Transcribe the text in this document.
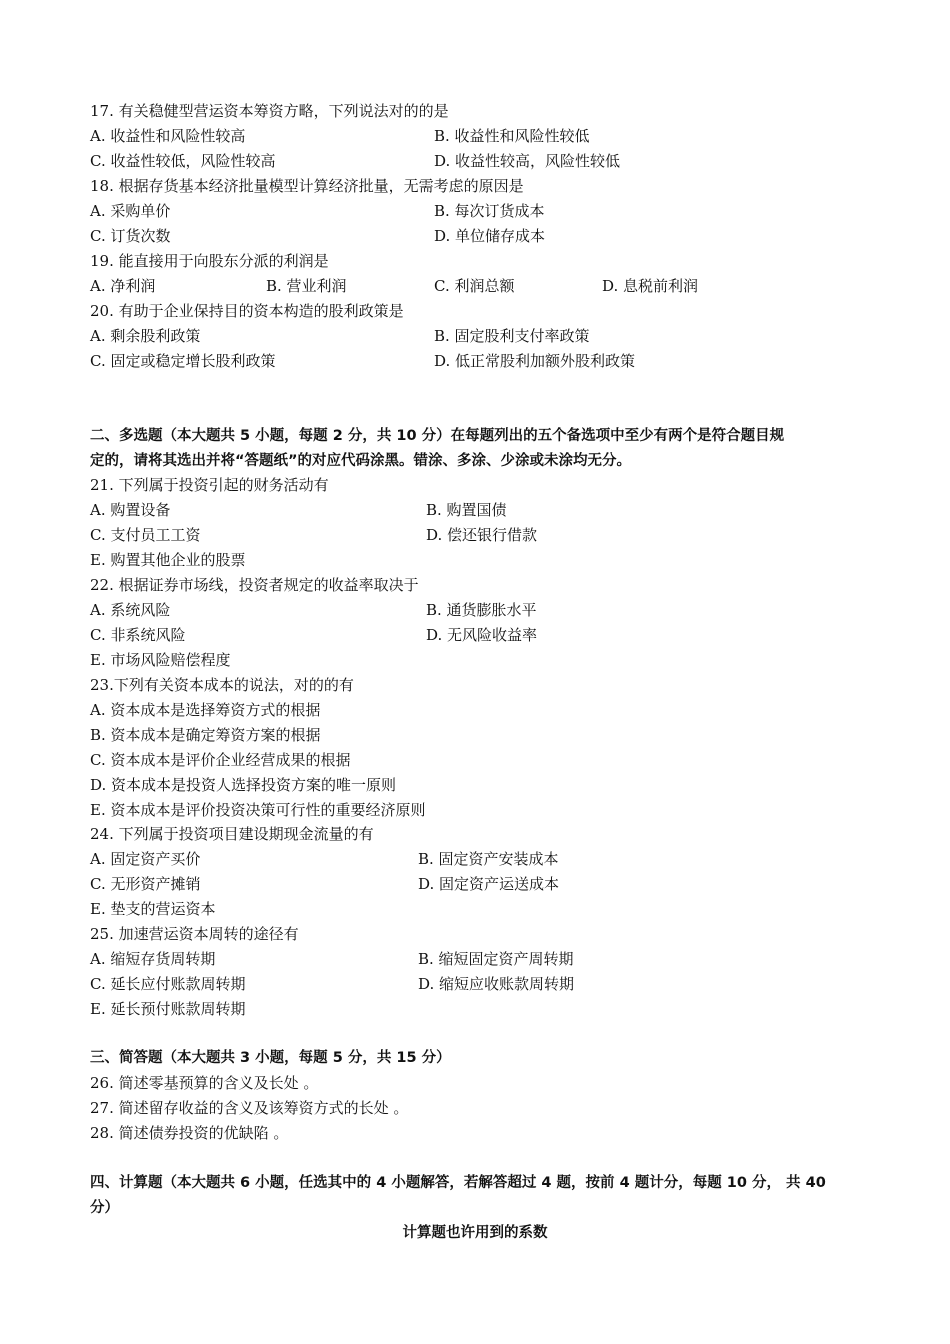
17. 有关稳健型营运资本筹资方略，下列说法对的的是
A. 收益性和风险性较高	B. 收益性和风险性较低
C. 收益性较低，风险性较高	D. 收益性较高，风险性较低
18. 根据存货基本经济批量模型计算经济批量，无需考虑的原因是
A. 采购单价	B. 每次订货成本
C. 订货次数	D. 单位储存成本
19. 能直接用于向股东分派的利润是
A. 净利润	B. 营业利润	C. 利润总额	D. 息税前利润
20. 有助于企业保持目的资本构造的股利政策是
A. 剩余股利政策	B. 固定股利支付率政策
C. 固定或稳定增长股利政策	D. 低正常股利加额外股利政策
二、多选题（本大题共 5 小题，每题 2 分，共 10 分）在每题列出的五个备选项中至少有两个是符合题目规
定的，请将其选出并将“答题纸”的对应代码涂黑。错涂、多涂、少涂或未涂均无分。
21. 下列属于投资引起的财务活动有
A. 购置设备	B. 购置国债
C. 支付员工工资	D. 偿还银行借款
E. 购置其他企业的股票
22. 根据证券市场线，投资者规定的收益率取决于
A. 系统风险	B. 通货膨胀水平
C. 非系统风险	D. 无风险收益率
E. 市场风险赔偿程度
23.下列有关资本成本的说法，对的的有
A. 资本成本是选择筹资方式的根据
B. 资本成本是确定筹资方案的根据
C. 资本成本是评价企业经营成果的根据
D. 资本成本是投资人选择投资方案的唯一原则
E. 资本成本是评价投资决策可行性的重要经济原则
24. 下列属于投资项目建设期现金流量的有
A. 固定资产买价	B. 固定资产安装成本
C. 无形资产摊销	D. 固定资产运送成本
E. 垫支的营运资本
25. 加速营运资本周转的途径有
A. 缩短存货周转期	B. 缩短固定资产周转期
C. 延长应付账款周转期	D. 缩短应收账款周转期
E. 延长预付账款周转期
三、简答题（本大题共 3 小题，每题 5 分，共 15 分）
26. 简述零基预算的含义及长处 。
27. 简述留存收益的含义及该筹资方式的长处 。
28. 简述债券投资的优缺陷 。
四、计算题（本大题共 6 小题，任选其中的 4 小题解答，若解答超过 4 题，按前 4 题计分，每题 10 分， 共 40
分）
计算题也许用到的系数
